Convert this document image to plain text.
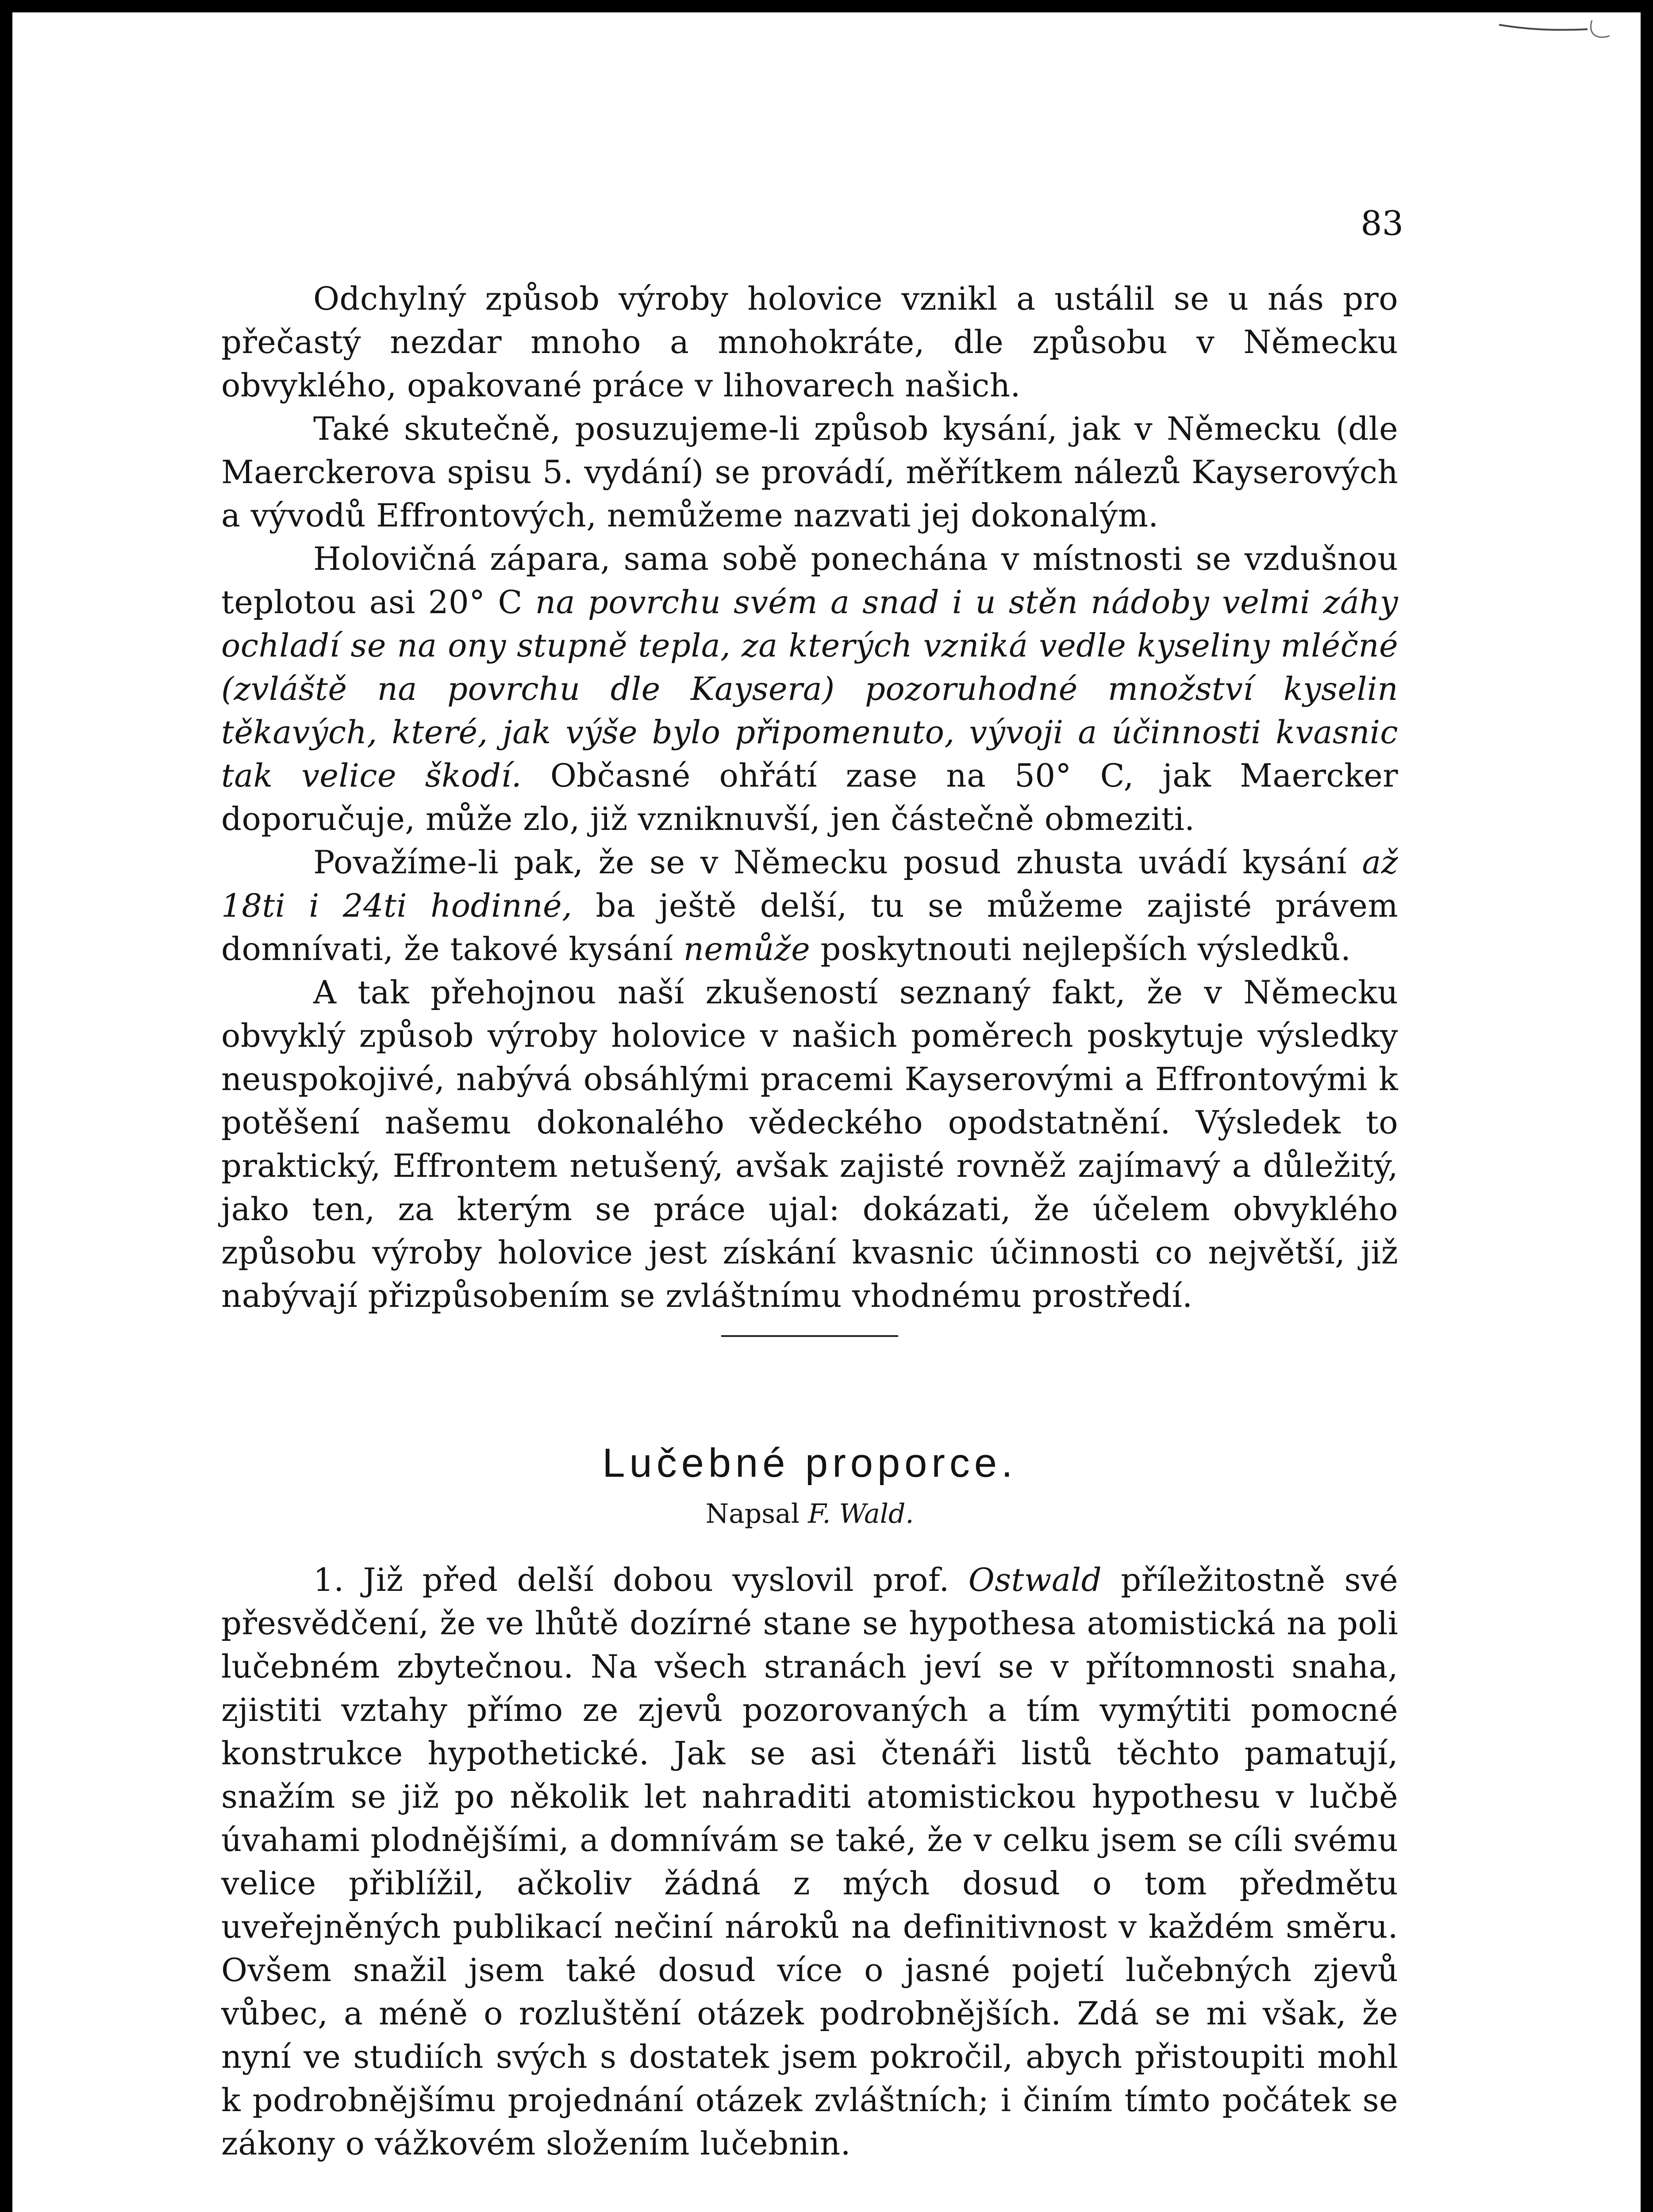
83

Odchylný způsob výroby holovice vznikl a ustálil se u nás pro přečastý nezdar mnoho a mnohokráte, dle způsobu v Německu obvyklého, opakované práce v lihovarech našich.

Také skutečně, posuzujeme-li způsob kysání, jak v Německu (dle Maerckerova spisu 5. vydání) se provádí, měřítkem nálezů Kayserových a vývodů Effrontových, nemůžeme nazvati jej dokonalým.

Holovičná zápara, sama sobě ponechána v místnosti se vzdušnou teplotou asi 20° C na povrchu svém a snad i u stěn nádoby velmi záhy ochladí se na ony stupně tepla, za kterých vzniká vedle kyseliny mléčné (zvláště na povrchu dle Kaysera) pozoruhodné množství kyselin těkavých, které, jak výše bylo připomenuto, vývoji a účinnosti kvasnic tak velice škodí. Občasné ohřátí zase na 50° C, jak Maercker doporučuje, může zlo, již vzniknuvší, jen částečně obmeziti.

Považíme-li pak, že se v Německu posud zhusta uvádí kysání až 18ti i 24ti hodinné, ba ještě delší, tu se můžeme zajisté právem domnívati, že takové kysání nemůže poskytnouti nejlepších výsledků.

A tak přehojnou naší zkušeností seznaný fakt, že v Německu obvyklý způsob výroby holovice v našich poměrech poskytuje výsledky neuspokojivé, nabývá obsáhlými pracemi Kayserovými a Effrontovými k potěšení našemu dokonalého vědeckého opodstatnění. Výsledek to praktický, Effrontem netušený, avšak zajisté rovněž zajímavý a důležitý, jako ten, za kterým se práce ujal: dokázati, že účelem obvyklého způsobu výroby holovice jest získání kvasnic účinnosti co největší, již nabývají přizpůsobením se zvláštnímu vhodnému prostředí.

Lučebné proporce.

Napsal F. Wald.

1. Již před delší dobou vyslovil prof. Ostwald příležitostně své přesvědčení, že ve lhůtě dozírné stane se hypothesa atomistická na poli lučebném zbytečnou. Na všech stranách jeví se v přítomnosti snaha, zjistiti vztahy přímo ze zjevů pozorovaných a tím vymýtiti pomocné konstrukce hypothetické. Jak se asi čtenáři listů těchto pamatují, snažím se již po několik let nahraditi atomistickou hypothesu v lučbě úvahami plodnějšími, a domnívám se také, že v celku jsem se cíli svému velice přiblížil, ačkoliv žádná z mých dosud o tom předmětu uveřejněných publikací nečiní nároků na definitivnost v každém směru. Ovšem snažil jsem také dosud více o jasné pojetí lučebných zjevů vůbec, a méně o rozluštění otázek podrobnějších. Zdá se mi však, že nyní ve studiích svých s dostatek jsem pokročil, abych přistoupiti mohl k podrobnějšímu projednání otázek zvláštních; i činím tímto počátek se zákony o vážkovém složením lučebnin.
